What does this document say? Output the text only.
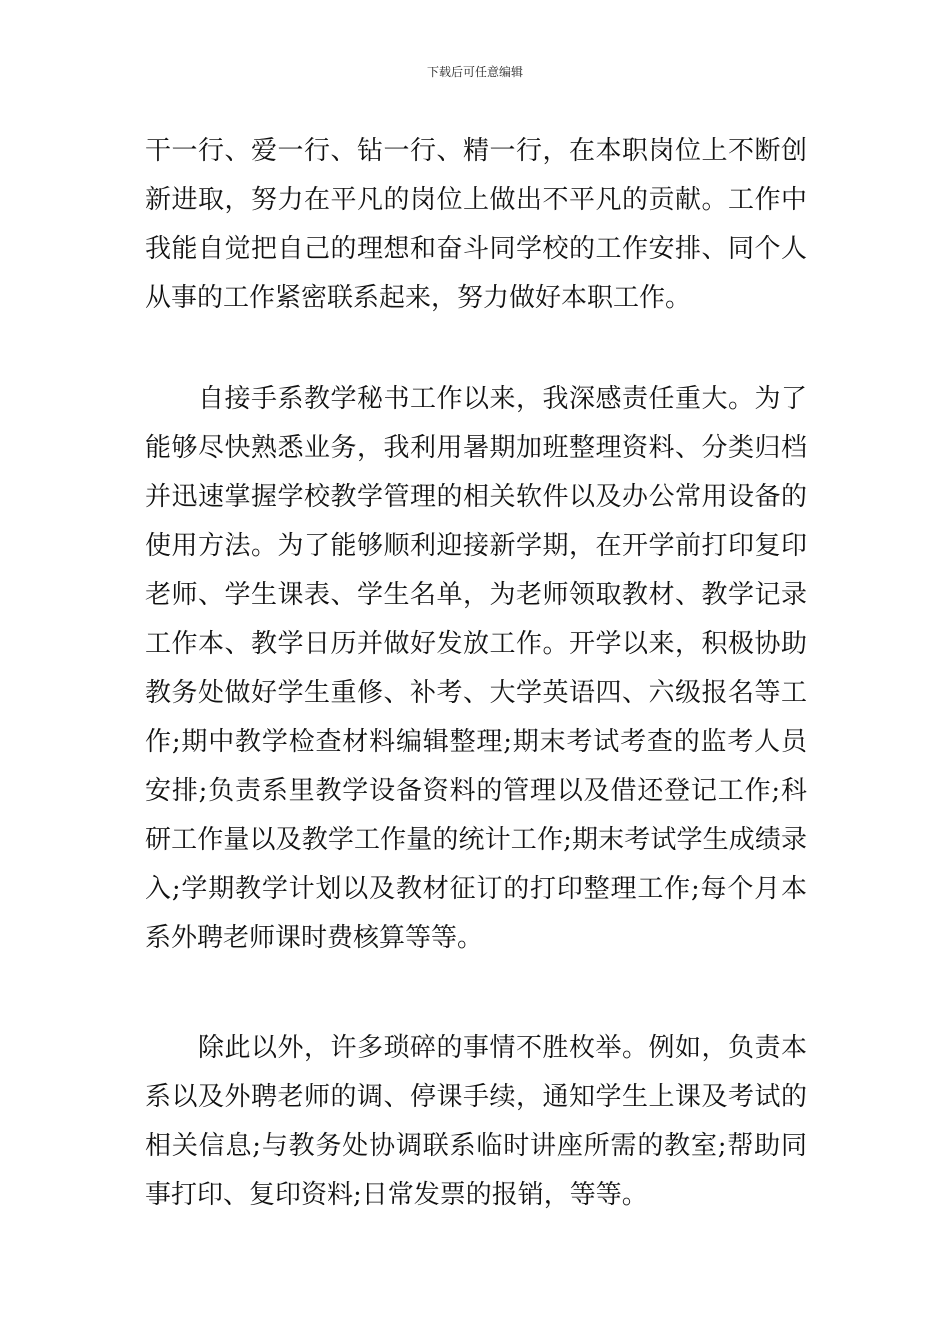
下载后可任意编辑

干一行、爱一行、钻一行、精一行，在本职岗位上不断创新进取，努力在平凡的岗位上做出不平凡的贡献。工作中我能自觉把自己的理想和奋斗同学校的工作安排、同个人从事的工作紧密联系起来，努力做好本职工作。

自接手系教学秘书工作以来，我深感责任重大。为了能够尽快熟悉业务，我利用暑期加班整理资料、分类归档并迅速掌握学校教学管理的相关软件以及办公常用设备的使用方法。为了能够顺利迎接新学期，在开学前打印复印老师、学生课表、学生名单，为老师领取教材、教学记录工作本、教学日历并做好发放工作。开学以来，积极协助教务处做好学生重修、补考、大学英语四、六级报名等工作;期中教学检查材料编辑整理;期末考试考查的监考人员安排;负责系里教学设备资料的管理以及借还登记工作;科研工作量以及教学工作量的统计工作;期末考试学生成绩录入;学期教学计划以及教材征订的打印整理工作;每个月本系外聘老师课时费核算等等。

除此以外，许多琐碎的事情不胜枚举。例如，负责本系以及外聘老师的调、停课手续，通知学生上课及考试的相关信息;与教务处协调联系临时讲座所需的教室;帮助同事打印、复印资料;日常发票的报销，等等。
